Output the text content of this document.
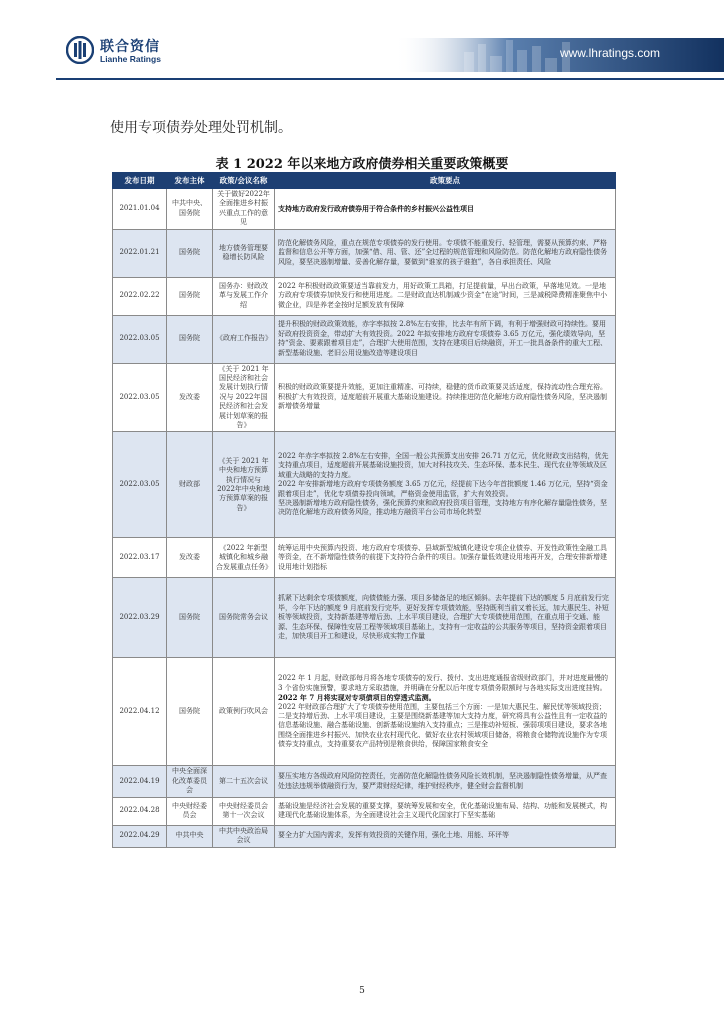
联合资信
Lianhe Ratings	www.lhratings.com
使用专项债券处理处罚机制。
表 1 2022 年以来地方政府债券相关重要政策概要
发布日期	发布主体	政策/会议名称	政策要点
2021.01.04	中共中央、国务院	关于做好2022年全面推进乡村振兴重点工作的意见	支持地方政府发行政府债券用于符合条件的乡村振兴公益性项目

2022.01.21	国务院	地方债务管理要稳增长防风险	防范化解债务风险，重点在规范专项债券的发行使用。专项债不能重发行、轻管理，需要从预算约束、严格监督和信息公开等方面，加强“借、用、管、还”全过程的规范管理和风险防范。防范化解地方政府隐性债务风险，要坚决遏制增量、妥善化解存量，要做到“谁家的孩子谁抱”，各自承担责任、风险

2022.02.22	国务院	国务办：财政改革与发展工作介绍	2022 年积极财政政策要适当靠前发力，用好政策工具箱，打足提前量，早出台政策，早落地见效。一是地方政府专项债券加快发行和使用进度。二是财政直达机制减少资金“在途”时间，三是减税降费精准聚焦中小微企业，四是养老金按时足额发放有保障

2022.03.05	国务院	《政府工作报告》	提升积极的财政政策效能，赤字率拟按 2.8%左右安排，比去年有所下调，有利于增强财政可持续性。要用好政府投资资金，带动扩大有效投资。2022 年拟安排地方政府专项债券 3.65 万亿元，强化绩效导向，坚持“资金、要素跟着项目走”，合理扩大使用范围，支持在建项目后续融资，开工一批具备条件的重大工程、新型基础设施、老旧公用设施改造等建设项目

2022.03.05	发改委	《关于 2021 年国民经济和社会发展计划执行情况与 2022年国民经济和社会发展计划草案的报告》	积极的财政政策要提升效能，更加注重精准、可持续，稳健的货币政策要灵活适度，保持流动性合理充裕。积极扩大有效投资，适度超前开展重大基础设施建设。持续推进防范化解地方政府隐性债务风险，坚决遏制新增债务增量

2022.03.05	财政部	《关于 2021 年中央和地方预算执行情况与 2022年中央和地方预算草案的报告》	2022 年赤字率拟按 2.8%左右安排，全国一般公共预算支出安排 26.71 万亿元，优化财政支出结构，优先支持重点项目，适度超前开展基础设施投资，加大对科技攻关、生态环保、基本民生、现代农业等领域及区域重大战略的支持力度。
2022 年安排新增地方政府专项债务额度 3.65 万亿元，经提前下达今年首批额度 1.46 万亿元，坚持“资金跟着项目走”，优化专项债券投向领域，严格资金使用监管，扩大有效投资。
坚决遏制新增地方政府隐性债务，强化预算约束和政府投资项目管理，支持地方有序化解存量隐性债务，坚决防范化解地方政府债务风险，推动地方融资平台公司市场化转型

2022.03.17	发改委	《2022 年新型城镇化和城乡融合发展重点任务》	统筹运用中央预算内投资、地方政府专项债券、县域新型城镇化建设专项企业债券、开发性政策性金融工具等资金，在不新增隐性债务的前提下支持符合条件的项目。加强存量低效建设用地再开发，合理安排新增建设用地计划指标

2022.03.29	国务院	国务院常务会议	抓紧下达剩余专项债额度，向债债能力强、项目多储备足的地区倾斜。去年提前下达的额度 5 月底前发行完毕，今年下达的额度 9 月底前发行完毕，更好发挥专项债效能，坚持既利当前又着长远，加大惠民生、补短板等领域投资，支持新基建等增后劲、上水平项目建设，合理扩大专项债使用范围，在重点用于交通、能源、生态环保、保障性安居工程等领域项目基础上，支持有一定收益的公共服务等项目，坚持资金跟着项目走，加快项目开工和建设，尽快形成实物工作量

2022.04.12	国务院	政策例行吹风会	2022 年 1 月起，财政部每月将各地专项债券的发行、拨付、支出进度通报省级财政部门，并对进度最慢的 3 个省份实施预警，要求地方采取措施，并明确在分配以后年度专项债务限额时与各地实际支出进度挂钩。
2022 年 7 月将实现对专项债项目的穿透式监测。
2022 年财政部合理扩大了专项债券使用范围，主要包括三个方面：一是加大惠民生、解民忧等领域投资；二是支持增后劲、上水平项目建设，主要是围绕新基建等加大支持力度，研究将具有公益性且有一定收益的信息基础设施、融合基础设施、创新基础设施纳入支持重点；三是推动补短板、强弱项项目建设，要求各地围绕全面推进乡村振兴、加快农业农村现代化、做好农业农村领域项目储备，将粮食仓储物流设施作为专项债券支持重点，支持重要农产品特别是粮食供给，保障国家粮食安全

2022.04.19	中央全面深化改革委员会	第二十五次会议	要压实地方各级政府风险防控责任，完善防范化解隐性债务风险长效机制，坚决遏制隐性债务增量，从严查处违法违规举债融资行为，要严肃财经纪律，维护财经秩序，健全财会监督机制

2022.04.28	中央财经委员会	中央财经委员会第十一次会议	基础设施是经济社会发展的重要支撑，要统筹发展和安全，优化基础设施布局、结构、功能和发展模式，构建现代化基础设施体系，为全面建设社会主义现代化国家打下坚实基础

2022.04.29	中共中央	中共中央政治局会议	要全力扩大国内需求，发挥有效投资的关键作用，强化土地、用能、环评等
5
